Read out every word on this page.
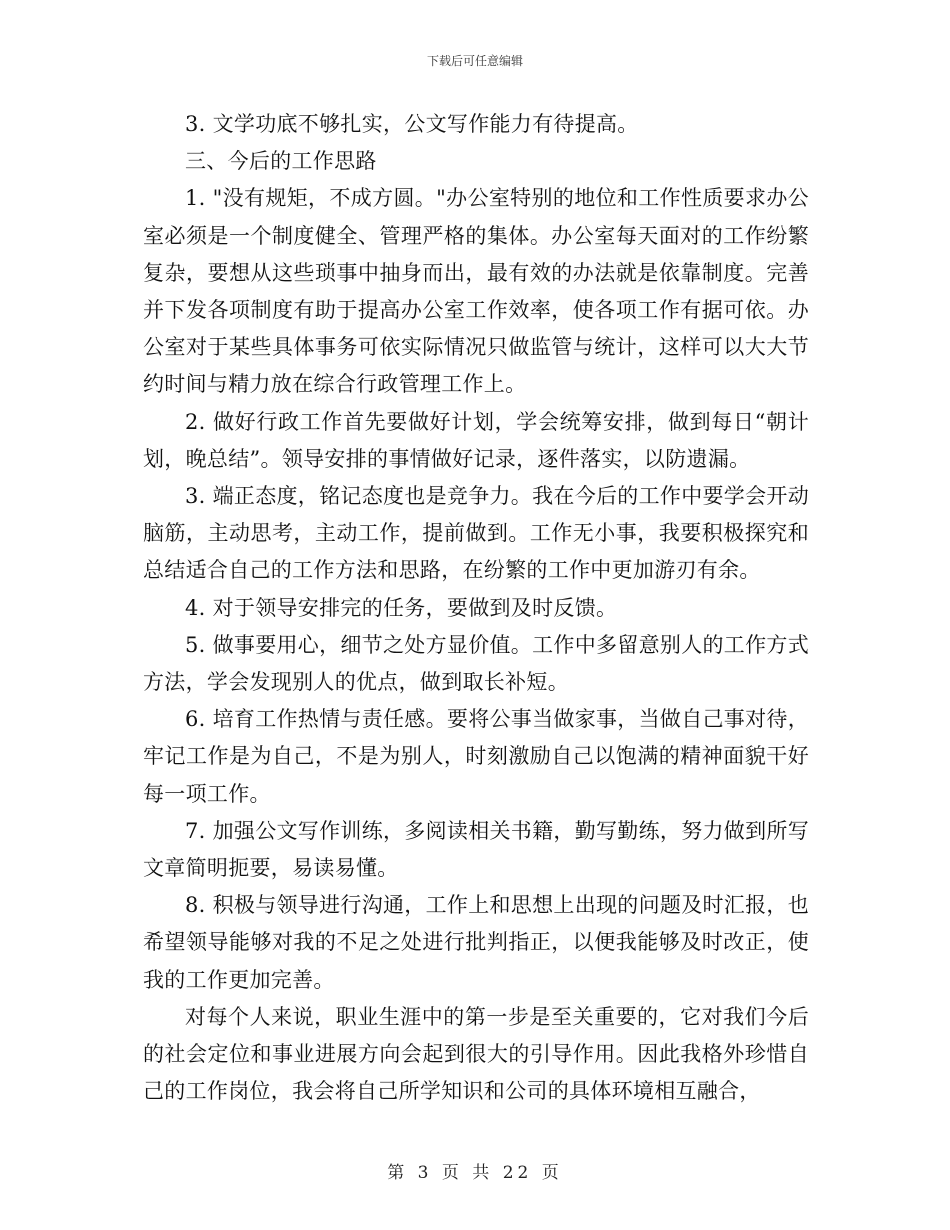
下载后可任意编辑

3. 文学功底不够扎实，公文写作能力有待提高。

三、今后的工作思路

1. "没有规矩，不成方圆。"办公室特别的地位和工作性质要求办公室必须是一个制度健全、管理严格的集体。办公室每天面对的工作纷繁复杂，要想从这些琐事中抽身而出，最有效的办法就是依靠制度。完善并下发各项制度有助于提高办公室工作效率，使各项工作有据可依。办公室对于某些具体事务可依实际情况只做监管与统计，这样可以大大节约时间与精力放在综合行政管理工作上。

2. 做好行政工作首先要做好计划，学会统筹安排，做到每日“朝计划，晚总结”。领导安排的事情做好记录，逐件落实，以防遗漏。

3. 端正态度，铭记态度也是竞争力。我在今后的工作中要学会开动脑筋，主动思考，主动工作，提前做到。工作无小事，我要积极探究和总结适合自己的工作方法和思路，在纷繁的工作中更加游刃有余。

4. 对于领导安排完的任务，要做到及时反馈。

5. 做事要用心，细节之处方显价值。工作中多留意别人的工作方式方法，学会发现别人的优点，做到取长补短。

6. 培育工作热情与责任感。要将公事当做家事，当做自己事对待，牢记工作是为自己，不是为别人，时刻激励自己以饱满的精神面貌干好每一项工作。

7. 加强公文写作训练，多阅读相关书籍，勤写勤练，努力做到所写文章简明扼要，易读易懂。

8. 积极与领导进行沟通，工作上和思想上出现的问题及时汇报，也希望领导能够对我的不足之处进行批判指正，以便我能够及时改正，使我的工作更加完善。

对每个人来说，职业生涯中的第一步是至关重要的，它对我们今后的社会定位和事业进展方向会起到很大的引导作用。因此我格外珍惜自己的工作岗位，我会将自己所学知识和公司的具体环境相互融合，

第 3 页 共 22 页
